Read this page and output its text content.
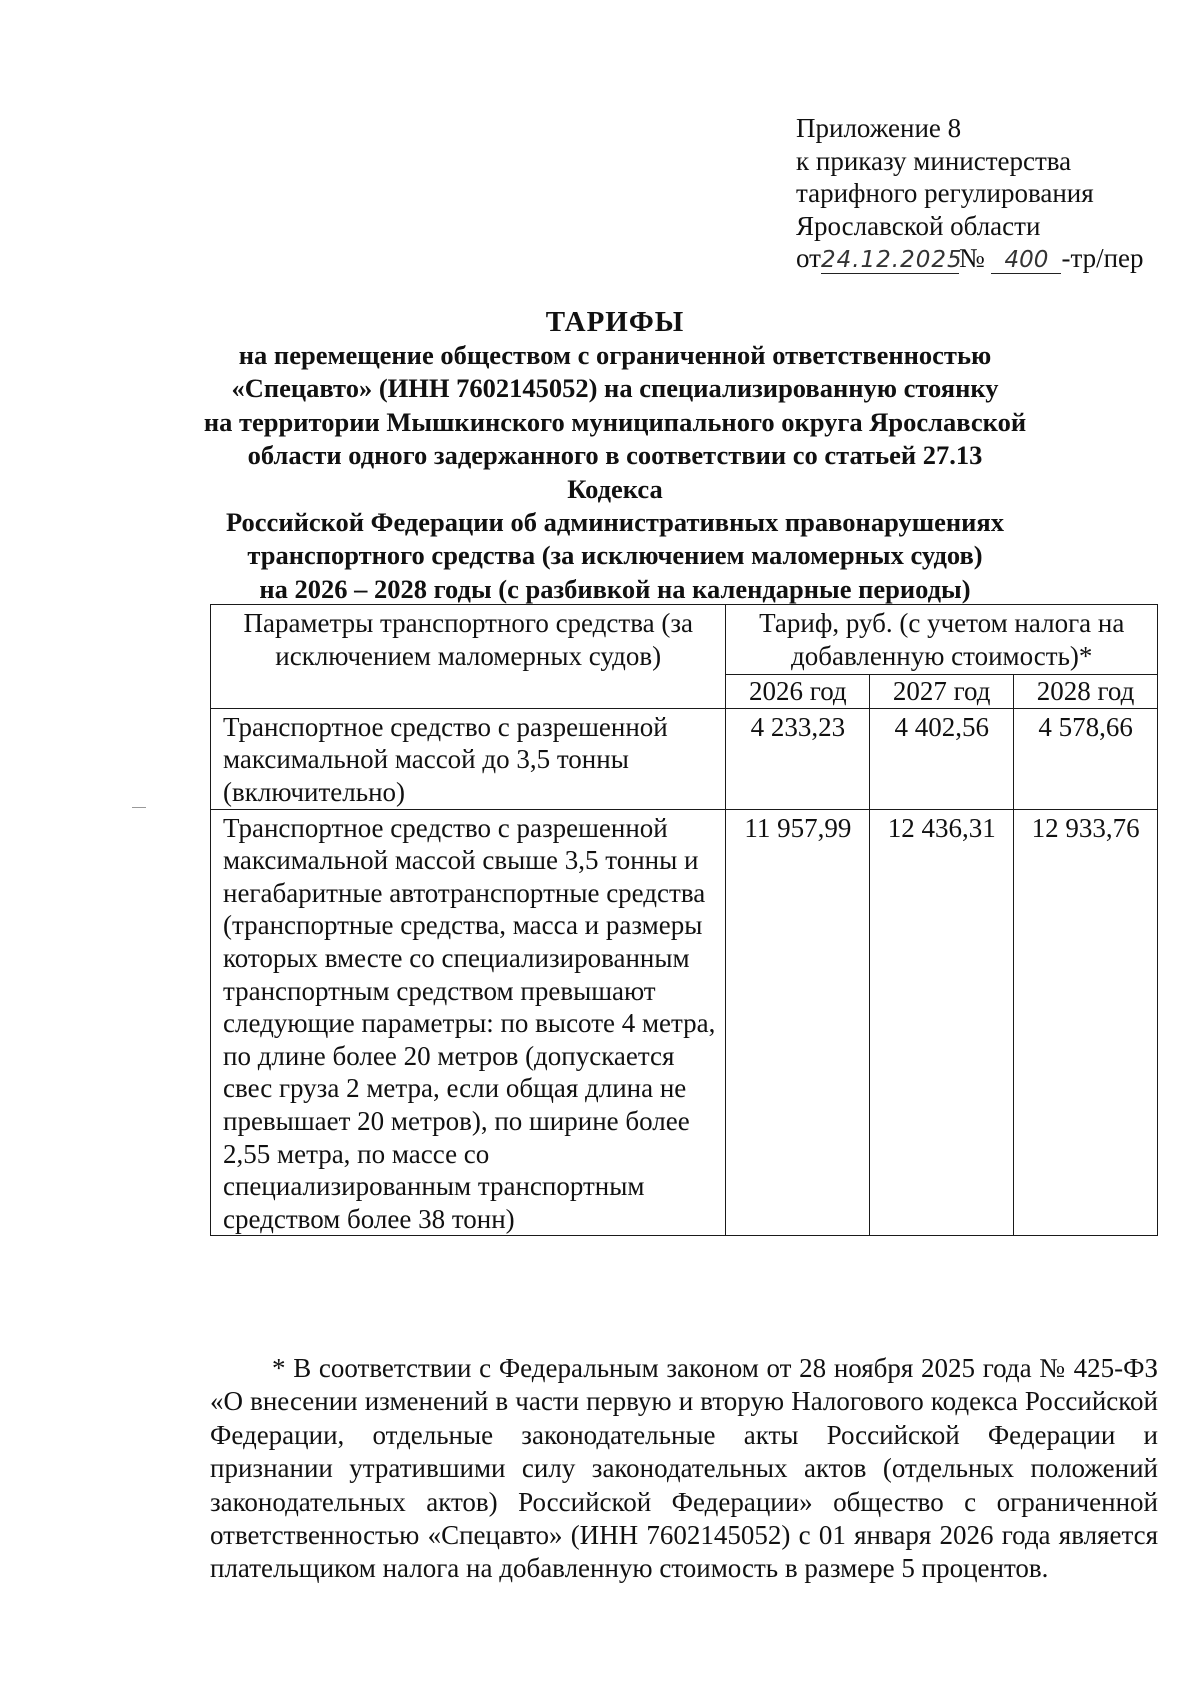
Приложение 8
к приказу министерства
тарифного регулирования
Ярославской области
от24.12.2025№ 400 -тр/пер
ТАРИФЫ
на перемещение обществом с ограниченной ответственностью
«Спецавто» (ИНН 7602145052) на специализированную стоянку
на территории Мышкинского муниципального округа Ярославской
области одного задержанного в соответствии со статьей 27.13 Кодекса
Российской Федерации об административных правонарушениях
транспортного средства (за исключением маломерных судов)
на 2026 – 2028 годы (с разбивкой на календарные периоды)
Параметры транспортного средства (за исключением маломерных судов)	Тариф, руб. (с учетом налога на добавленную стоимость)*		
	2026 год	2027 год	2028 год
Транспортное средство с разрешенной максимальной массой до 3,5 тонны (включительно)	4 233,23	4 402,56	4 578,66
Транспортное средство с разрешенной максимальной массой свыше 3,5 тонны и негабаритные автотранспортные средства (транспортные средства, масса и размеры которых вместе со специализированным транспортным средством превышают следующие параметры: по высоте 4 метра, по длине более 20 метров (допускается свес груза 2 метра, если общая длина не превышает 20 метров), по ширине более 2,55 метра, по массе со специализированным транспортным средством более 38 тонн)	11 957,99	12 436,31	12 933,76

* В соответствии с Федеральным законом от 28 ноября 2025 года № 425-ФЗ «О внесении изменений в части первую и вторую Налогового кодекса Российской Федерации, отдельные законодательные акты Российской Федерации и признании утратившими силу законодательных актов (отдельных положений законодательных актов) Российской Федерации» общество с ограниченной ответственностью «Спецавто» (ИНН 7602145052) с 01 января 2026 года является плательщиком налога на добавленную стоимость в размере 5 процентов.
